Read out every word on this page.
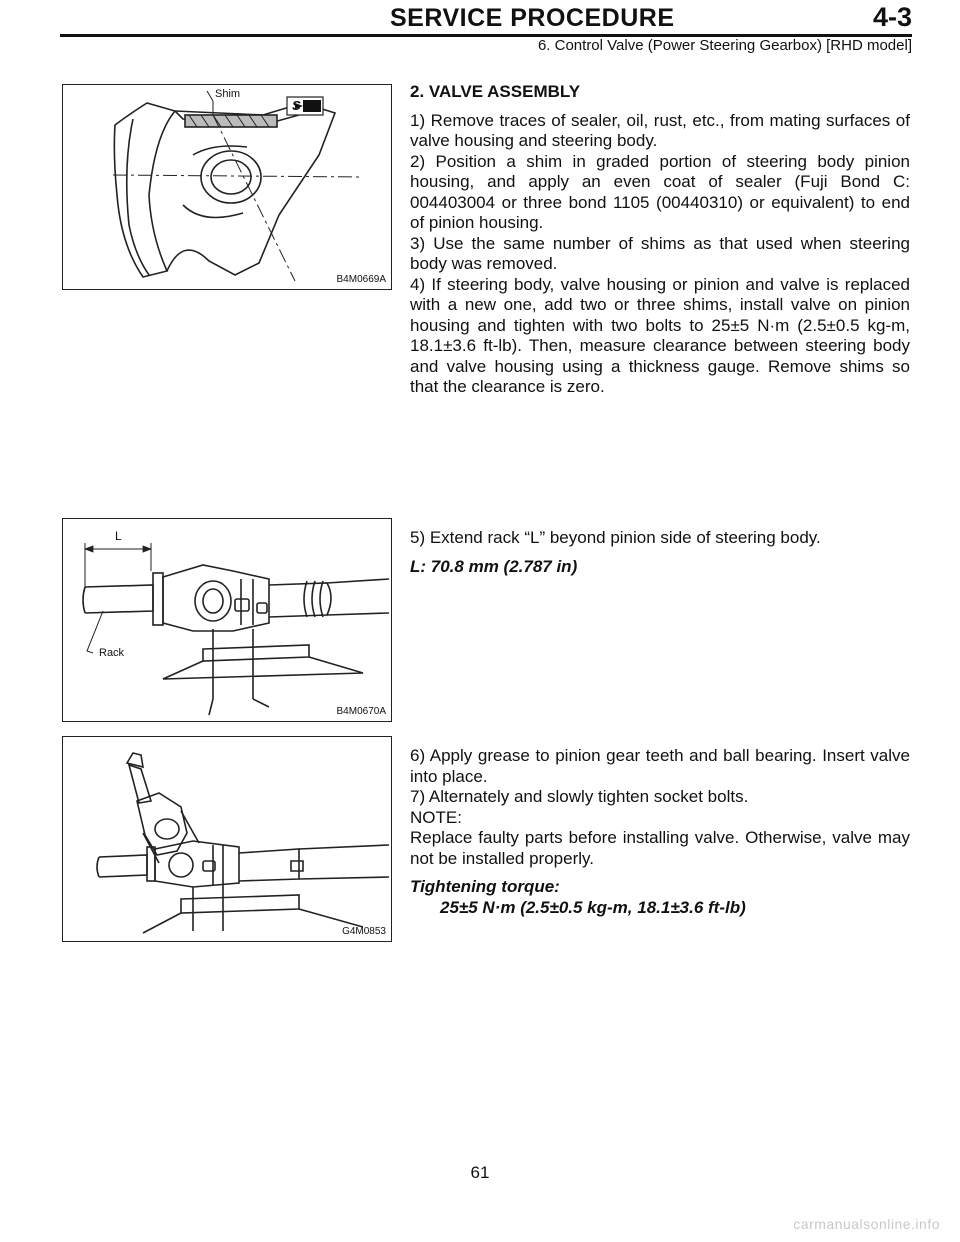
SERVICE PROCEDURE	4-3
6. Control Valve (Power Steering Gearbox) [RHD model]
Shim
S
B4M0669A

2. VALVE ASSEMBLY

1) Remove traces of sealer, oil, rust, etc., from mating surfaces of valve housing and steering body.

2) Position a shim in graded portion of steering body pinion housing, and apply an even coat of sealer (Fuji Bond C: 004403004 or three bond 1105 (00440310) or equivalent) to end of pinion housing.

3) Use the same number of shims as that used when steering body was removed.

4) If steering body, valve housing or pinion and valve is replaced with a new one, add two or three shims, install valve on pinion housing and tighten with two bolts to 25±5 N·m (2.5±0.5 kg-m, 18.1±3.6 ft-lb). Then, measure clearance between steering body and valve housing using a thickness gauge. Remove shims so that the clearance is zero.

L
Rack
B4M0670A

5) Extend rack “L” beyond pinion side of steering body.

L: 70.8 mm (2.787 in)

G4M0853

6) Apply grease to pinion gear teeth and ball bearing. Insert valve into place.

7) Alternately and slowly tighten socket bolts.

NOTE:

Replace faulty parts before installing valve. Otherwise, valve may not be installed properly.

Tightening torque:

25±5 N·m (2.5±0.5 kg-m, 18.1±3.6 ft-lb)

61
carmanualsonline.info
